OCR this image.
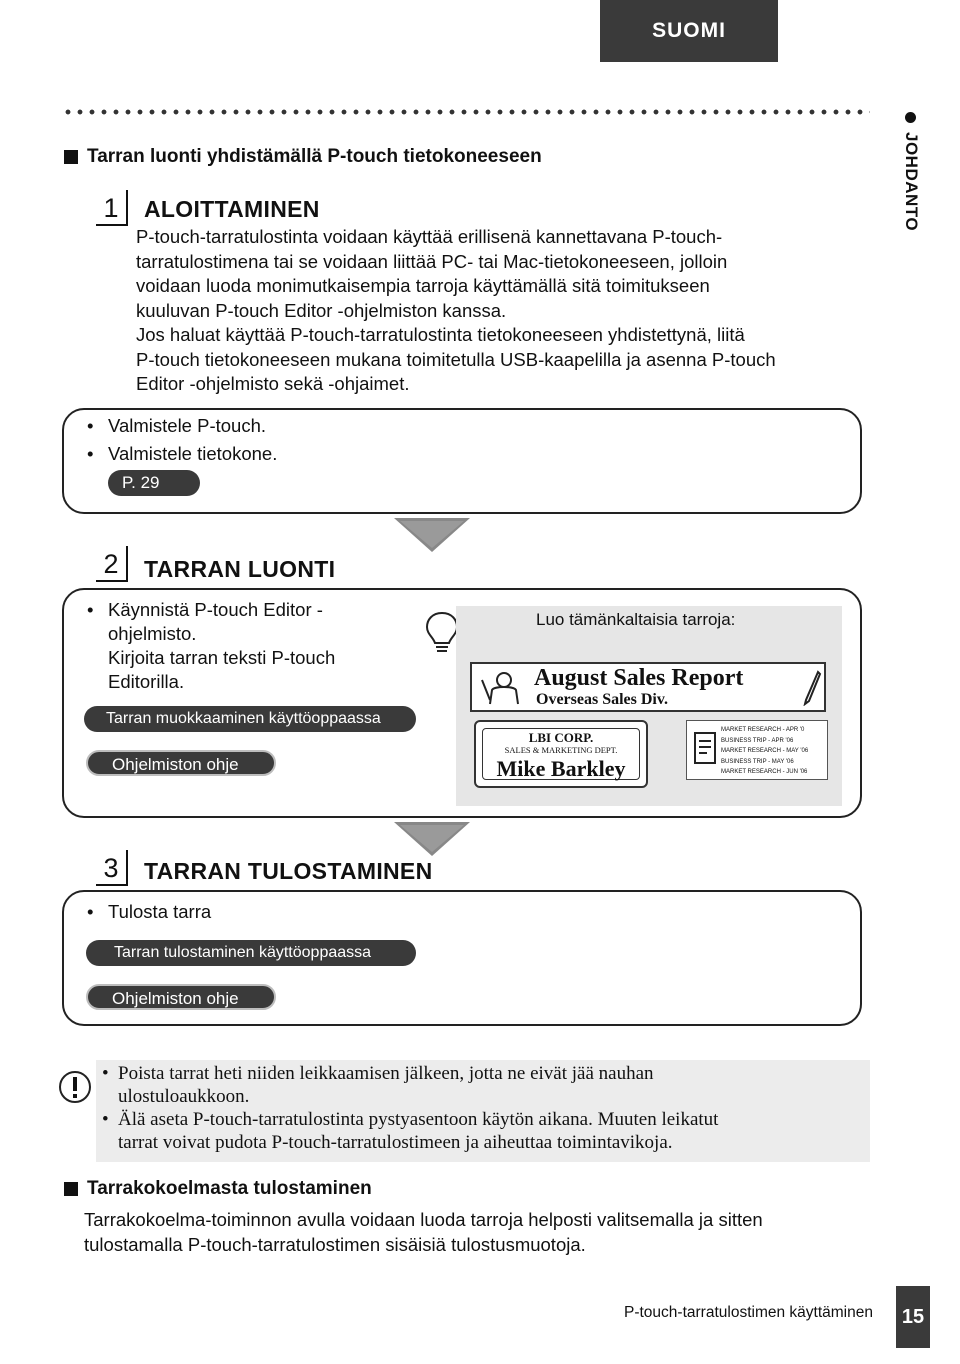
SUOMI
JOHDANTO
Tarran luonti yhdistämällä P-touch tietokoneeseen
1	ALOITTAMINEN
P-touch-tarratulostinta voidaan käyttää erillisenä kannettavana P-touch-
tarratulostimena tai se voidaan liittää PC- tai Mac-tietokoneeseen, jolloin
voidaan luoda monimutkaisempia tarroja käyttämällä sitä toimitukseen
kuuluvan P-touch Editor -ohjelmiston kanssa.
Jos haluat käyttää P-touch-tarratulostinta tietokoneeseen yhdistettynä, liitä
P-touch tietokoneeseen mukana toimitetulla USB-kaapelilla ja asenna P-touch
Editor -ohjelmisto sekä -ohjaimet.
• Valmistele P-touch.
• Valmistele tietokone.
P. 29
2	TARRAN LUONTI
• Käynnistä P-touch Editor -
ohjelmisto.
Kirjoita tarran teksti P-touch
Editorilla.
Tarran muokkaaminen käyttöoppaassa
Ohjelmiston ohje
Luo tämänkaltaisia tarroja:
August Sales Report
Overseas Sales Div.
LBI CORP.
SALES & MARKETING DEPT.
Mike Barkley
MARKET RESEARCH - APR '0
BUSINESS TRIP - APR '06
MARKET RESEARCH - MAY '06
BUSINESS TRIP - MAY '06
MARKET RESEARCH - JUN '06
3	TARRAN TULOSTAMINEN
• Tulosta tarra
Tarran tulostaminen käyttöoppaassa
Ohjelmiston ohje
• Poista tarrat heti niiden leikkaamisen jälkeen, jotta ne eivät jää nauhan
ulostuloaukkoon.
• Älä aseta P-touch-tarratulostinta pystyasentoon käytön aikana. Muuten leikatut
tarrat voivat pudota P-touch-tarratulostimeen ja aiheuttaa toimintavikoja.
Tarrakokoelmasta tulostaminen
Tarrakokoelma-toiminnon avulla voidaan luoda tarroja helposti valitsemalla ja sitten
tulostamalla P-touch-tarratulostimen sisäisiä tulostusmuotoja.
P-touch-tarratulostimen käyttäminen 15
